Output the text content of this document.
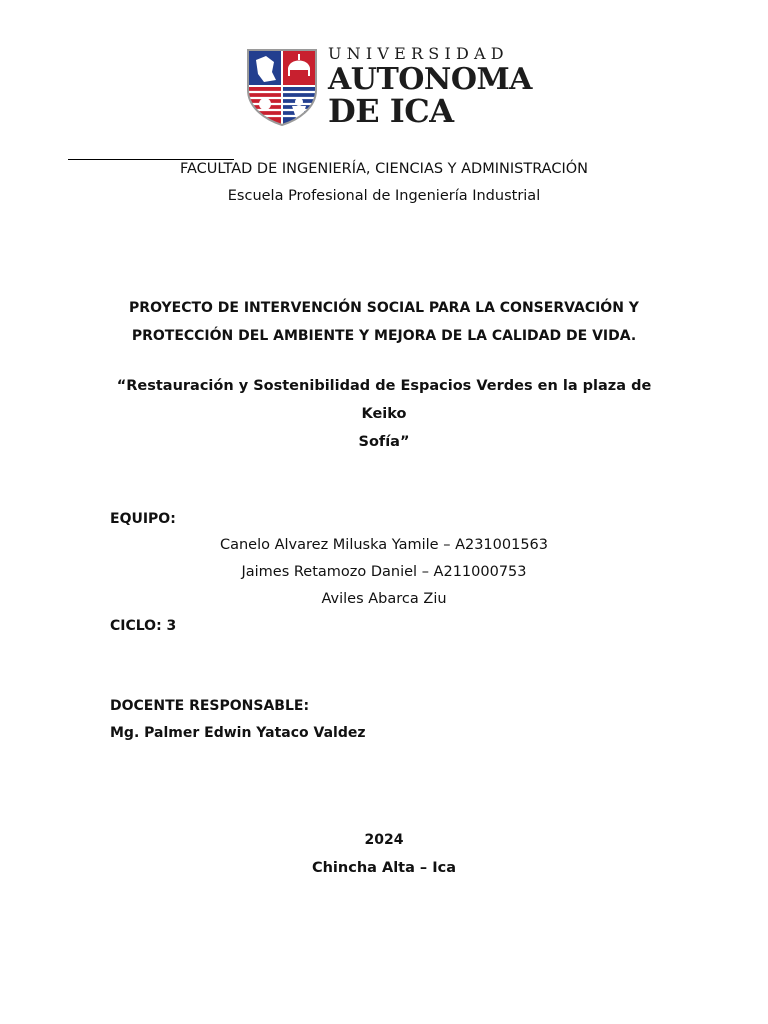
UNIVERSIDAD
AUTONOMA
DE ICA
FACULTAD DE INGENIERÍA, CIENCIAS Y ADMINISTRACIÓN
Escuela Profesional de Ingeniería Industrial
PROYECTO DE INTERVENCIÓN SOCIAL PARA LA CONSERVACIÓN Y
PROTECCIÓN DEL AMBIENTE Y MEJORA DE LA CALIDAD DE VIDA.
“Restauración y Sostenibilidad de Espacios Verdes en la plaza de Keiko
Sofía”
EQUIPO:
Canelo Alvarez Miluska Yamile – A231001563
Jaimes Retamozo Daniel – A211000753
Aviles Abarca Ziu
CICLO: 3
DOCENTE RESPONSABLE:
Mg. Palmer Edwin Yataco Valdez
2024
Chincha Alta – Ica
